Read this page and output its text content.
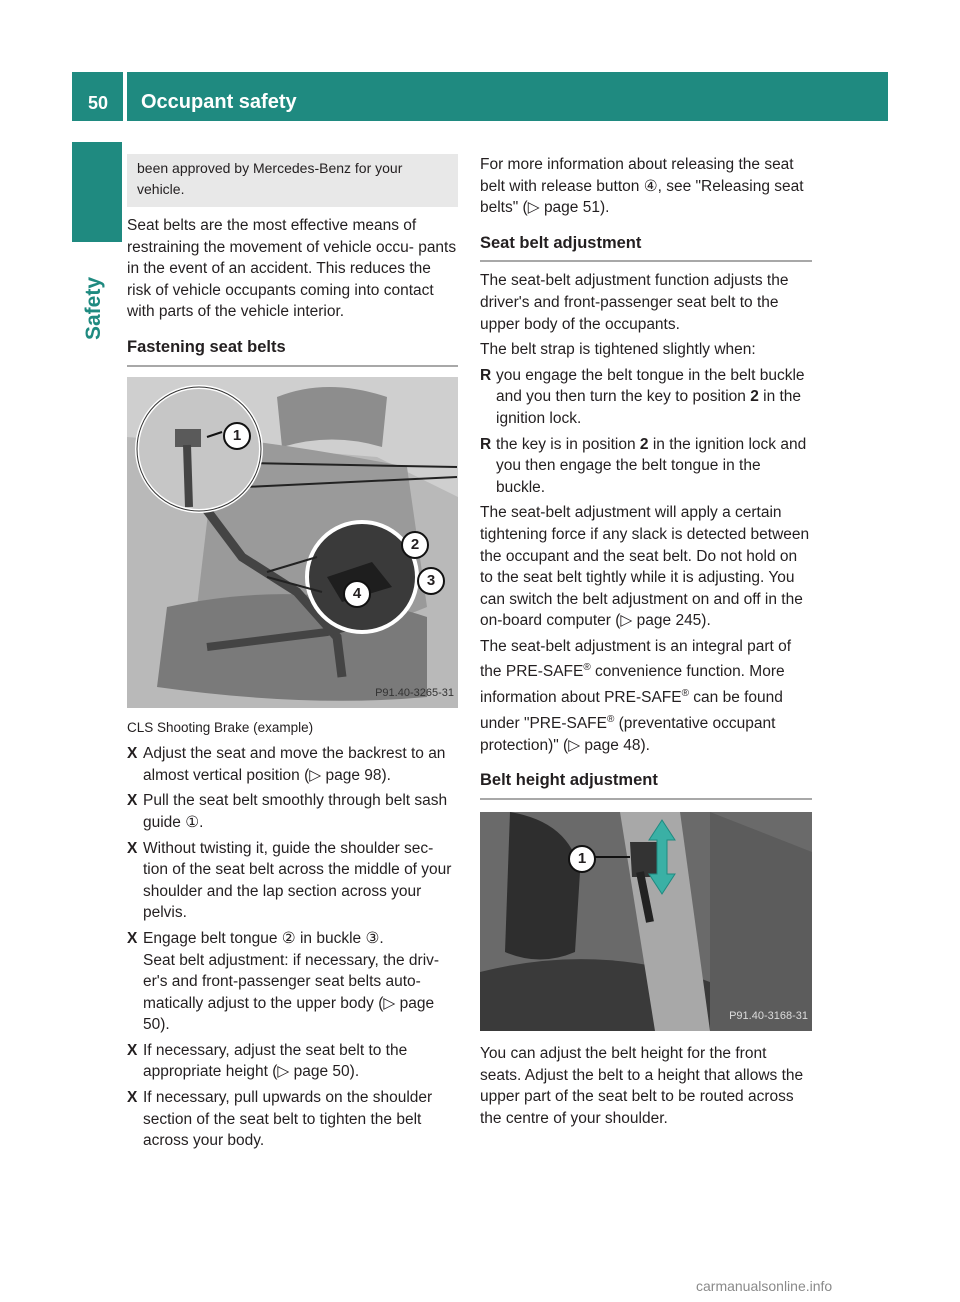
50 Occupant safety
Safety
been approved by Mercedes-Benz for your vehicle.

Seat belts are the most effective means of restraining the movement of vehicle occu- pants in the event of an accident. This reduces the risk of vehicle occupants coming into contact with parts of the vehicle interior.

Fastening seat belts
1
2
3
4
P91.40-3265-31
CLS Shooting Brake (example)
X Adjust the seat and move the backrest to an almost vertical position (▷ page 98).
X Pull the seat belt smoothly through belt sash guide ①.
X Without twisting it, guide the shoulder sec- tion of the seat belt across the middle of your shoulder and the lap section across your pelvis.
X Engage belt tongue ② in buckle ③.
Seat belt adjustment: if necessary, the driv- er's and front-passenger seat belts auto- matically adjust to the upper body (▷ page 50).
X If necessary, adjust the seat belt to the appropriate height (▷ page 50).
X If necessary, pull upwards on the shoulder section of the seat belt to tighten the belt across your body.

For more information about releasing the seat belt with release button ④, see "Releasing seat belts" (▷ page 51).

Seat belt adjustment

The seat-belt adjustment function adjusts the driver's and front-passenger seat belt to the upper body of the occupants.

The belt strap is tightened slightly when:

R you engage the belt tongue in the belt buckle and you then turn the key to position 2 in the ignition lock.
R the key is in position 2 in the ignition lock and you then engage the belt tongue in the buckle.

The seat-belt adjustment will apply a certain tightening force if any slack is detected between the occupant and the seat belt. Do not hold on to the seat belt tightly while it is adjusting. You can switch the belt adjustment on and off in the on-board computer (▷ page 245).

The seat-belt adjustment is an integral part of the PRE-SAFE® convenience function. More information about PRE-SAFE® can be found under "PRE-SAFE® (preventative occupant protection)" (▷ page 48).

Belt height adjustment
1
P91.40-3168-31

You can adjust the belt height for the front seats. Adjust the belt to a height that allows the upper part of the seat belt to be routed across the centre of your shoulder.

carmanualsonline.info
